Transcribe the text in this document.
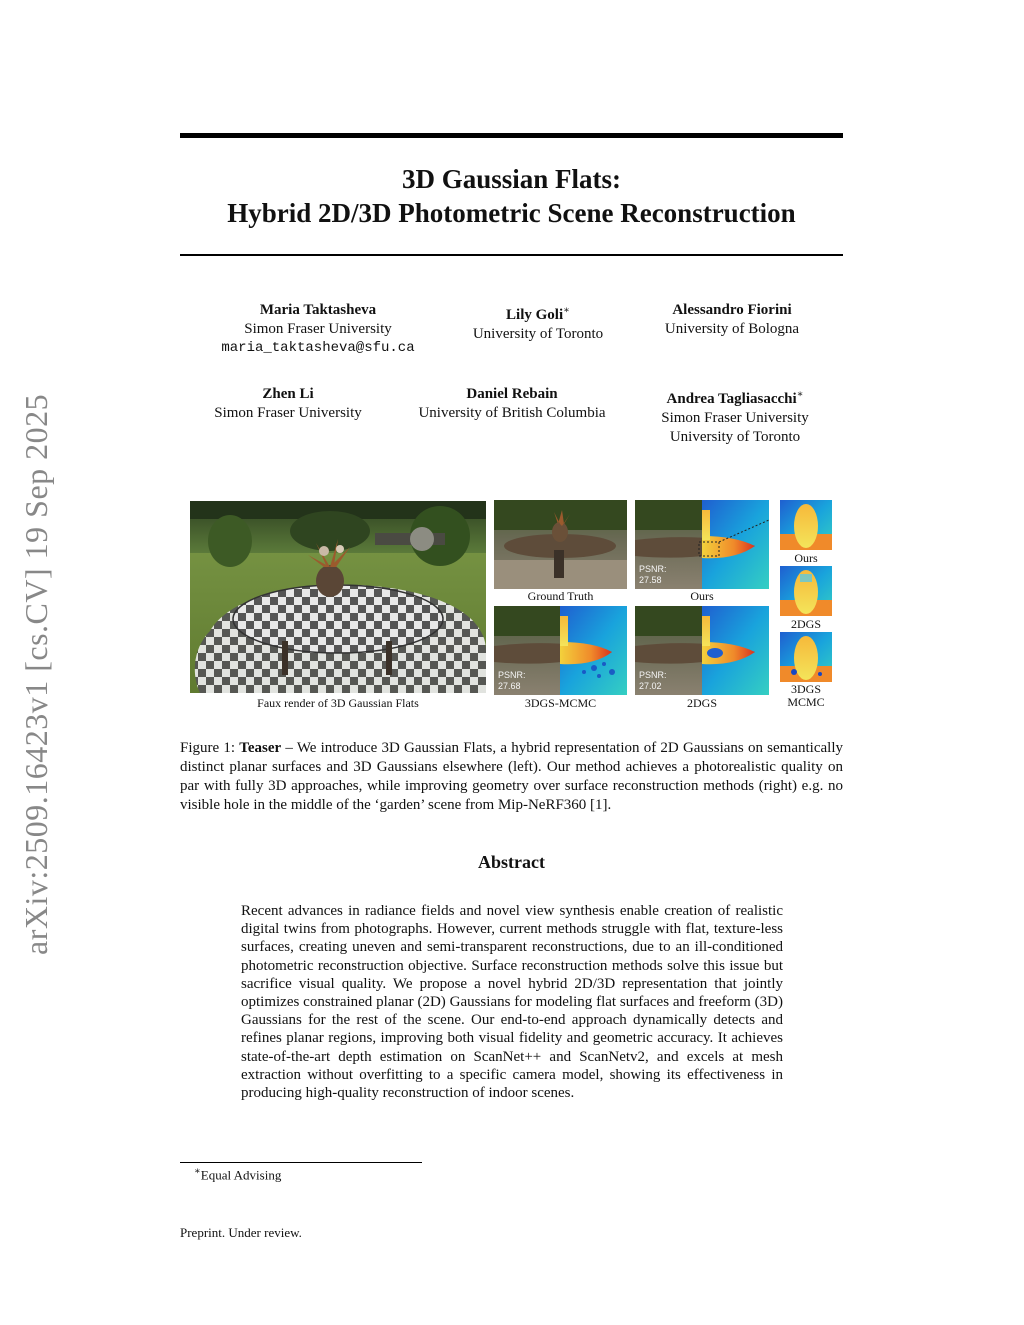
arXiv:2509.16423v1 [cs.CV] 19 Sep 2025
3D Gaussian Flats:
Hybrid 2D/3D Photometric Scene Reconstruction
Maria Taktasheva
Simon Fraser University
maria_taktasheva@sfu.ca
Lily Goli∗
University of Toronto
Alessandro Fiorini
University of Bologna
Zhen Li
Simon Fraser University
Daniel Rebain
University of British Columbia
Andrea Tagliasacchi∗
Simon Fraser University
University of Toronto
Faux render of 3D Gaussian Flats
Ground Truth
PSNR:
27.58
Ours
PSNR:
27.68
3DGS-MCMC
PSNR:
27.02
2DGS
Ours
2DGS
3DGS
MCMC
Figure 1: Teaser – We introduce 3D Gaussian Flats, a hybrid representation of 2D Gaussians on semantically distinct planar surfaces and 3D Gaussians elsewhere (left). Our method achieves a photorealistic quality on par with fully 3D approaches, while improving geometry over surface reconstruction methods (right) e.g. no visible hole in the middle of the ‘garden’ scene from Mip-NeRF360 [1].
Abstract
Recent advances in radiance fields and novel view synthesis enable creation of realistic digital twins from photographs. However, current methods struggle with flat, texture-less surfaces, creating uneven and semi-transparent reconstructions, due to an ill-conditioned photometric reconstruction objective. Surface reconstruction methods solve this issue but sacrifice visual quality. We propose a novel hybrid 2D/3D representation that jointly optimizes constrained planar (2D) Gaussians for modeling flat surfaces and freeform (3D) Gaussians for the rest of the scene. Our end-to-end approach dynamically detects and refines planar regions, improving both visual fidelity and geometric accuracy. It achieves state-of-the-art depth estimation on ScanNet++ and ScanNetv2, and excels at mesh extraction without overfitting to a specific camera model, showing its effectiveness in producing high-quality reconstruction of indoor scenes.
∗Equal Advising
Preprint. Under review.
